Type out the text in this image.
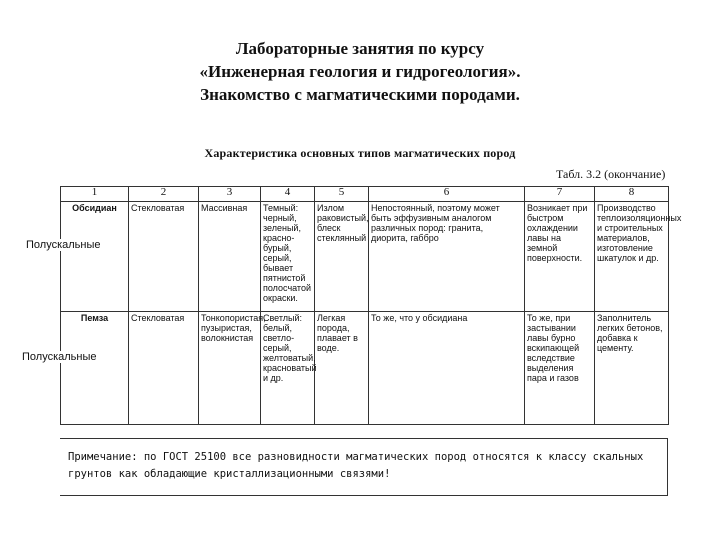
Лабораторные занятия по курсу
«Инженерная геология и гидрогеология».
Знакомство с магматическими породами.
Характеристика основных типов магматических пород
Табл. 3.2 (окончание)
1	2	3	4	5	6	7	8
Обсидиан	Стекловатая	Массивная	Темный: черный, зеленый, красно-бурый, серый, бывает пятнистой полосчатой окраски.	Излом раковистый, блеск стеклянный	Непостоянный, поэтому может быть эффузивным аналогом различных пород: гранита, диорита, габбро	Возникает при быстром охлаждении лавы на земной поверхности.	Производство теплоизоляционных и строительных материалов, изготовление шкатулок и др.
Пемза	Стекловатая	Тонкопористая, пузыристая, волокнистая	Светлый: белый, светло-серый, желтоватый, красноватый и др.	Легкая порода, плавает в воде.	То же, что у обсидиана	То же, при застывании лавы бурно вскипающей вследствие выделения пара и газов	Заполнитель легких бетонов, добавка к цементу.
Полускальные
Полускальные
Примечание: по ГОСТ 25100 все разновидности магматических пород относятся к классу скальных грунтов как обладающие кристаллизационными связями!
